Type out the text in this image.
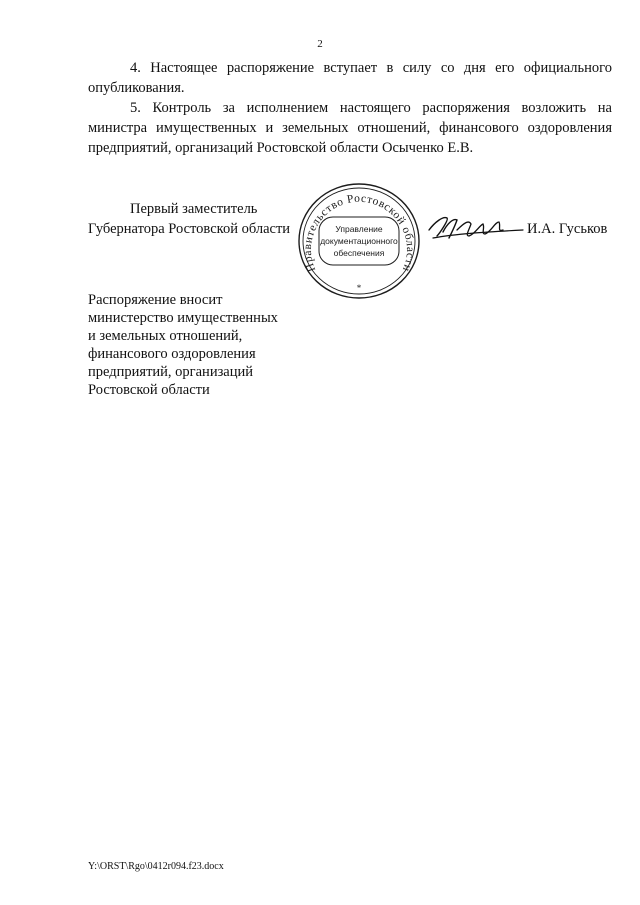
2

4. Настоящее распоряжение вступает в силу со дня его официального опубликования.

5. Контроль за исполнением настоящего распоряжения возложить на министра имущественных и земельных отношений, финансового оздоровления предприятий, организаций Ростовской области Осыченко Е.В.

Первый заместитель
Губернатора Ростовской области
Правительство Ростовской области
Управление
документационного
обеспечения
*
И.А. Гуськов
Распоряжение вносит
министерство имущественных
и земельных отношений,
финансового оздоровления
предприятий, организаций
Ростовской области
Y:\ORST\Rgo\0412r094.f23.docx
